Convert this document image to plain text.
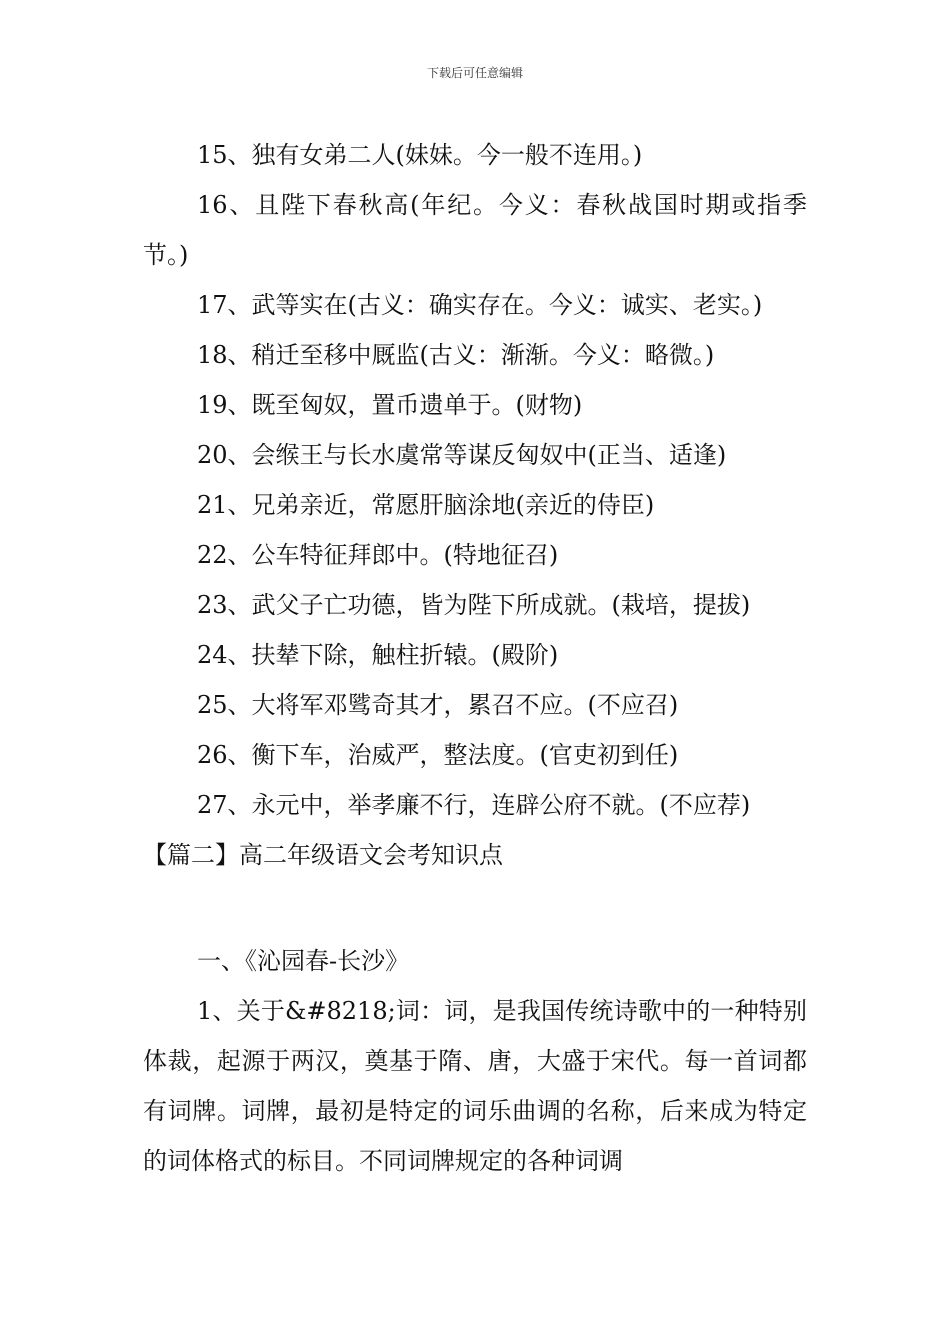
下载后可任意编辑

15、独有女弟二人(妹妹。今一般不连用。)

16、且陛下春秋高(年纪。今义：春秋战国时期或指季节。)

17、武等实在(古义：确实存在。今义：诚实、老实。)

18、稍迁至移中厩监(古义：渐渐。今义：略微。)

19、既至匈奴，置币遗单于。(财物)

20、会缑王与长水虞常等谋反匈奴中(正当、适逢)

21、兄弟亲近，常愿肝脑涂地(亲近的侍臣)

22、公车特征拜郎中。(特地征召)

23、武父子亡功德，皆为陛下所成就。(栽培，提拔)

24、扶辇下除，触柱折辕。(殿阶)

25、大将军邓骘奇其才，累召不应。(不应召)

26、衡下车，治威严，整法度。(官吏初到任)

27、永元中，举孝廉不行，连辟公府不就。(不应荐)

【篇二】高二年级语文会考知识点

一、《沁园春-长沙》

1、关于&#8218;词：词，是我国传统诗歌中的一种特别体裁，起源于两汉，奠基于隋、唐，大盛于宋代。每一首词都有词牌。词牌，最初是特定的词乐曲调的名称，后来成为特定的词体格式的标目。不同词牌规定的各种词调
